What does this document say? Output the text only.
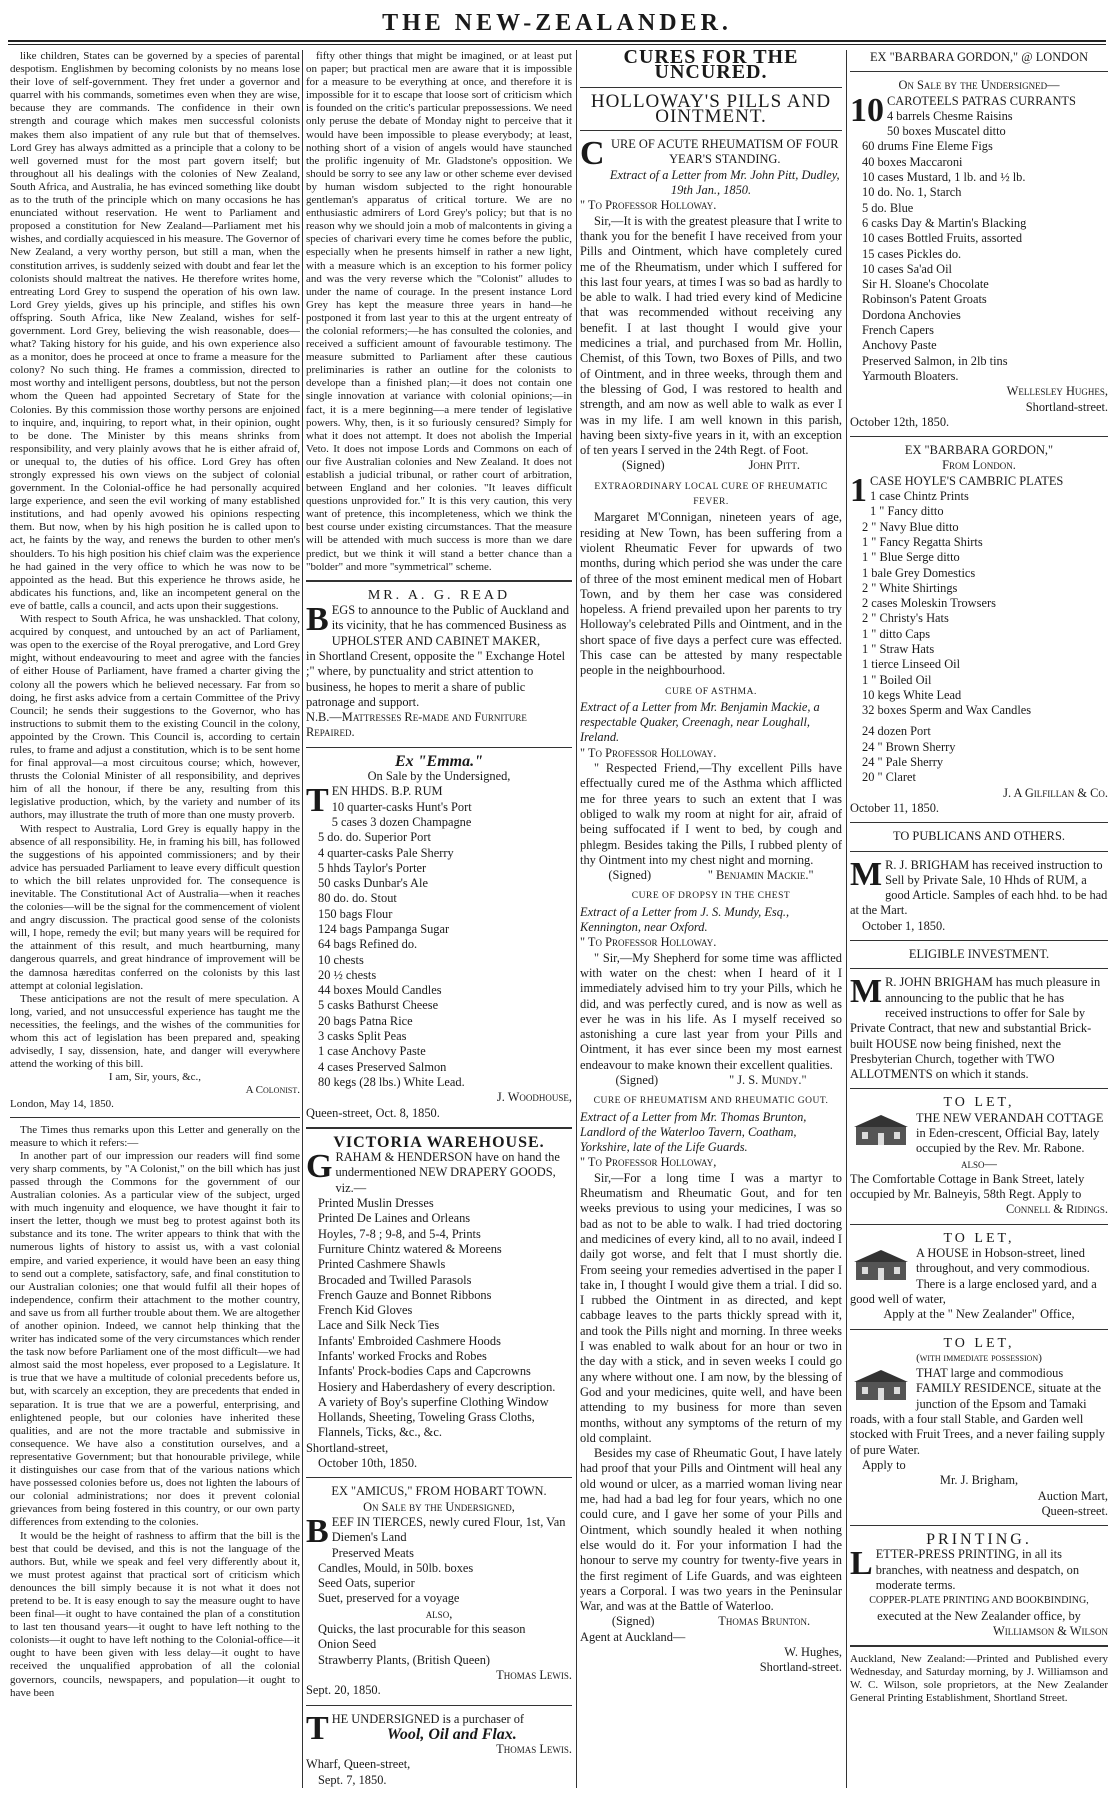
THE NEW-ZEALANDER.

like children, States can be governed by a species of parental despotism. Englishmen by becoming colonists by no means lose their love of self-government. They fret under a governor and quarrel with his commands, sometimes even when they are wise, because they are commands. The confidence in their own strength and courage which makes men successful colonists makes them also impatient of any rule but that of themselves. Lord Grey has always admitted as a principle that a colony to be well governed must for the most part govern itself; but throughout all his dealings with the colonies of New Zealand, South Africa, and Australia, he has evinced something like doubt as to the truth of the principle which on many occasions he has enunciated without reservation. He went to Parliament and proposed a constitution for New Zealand—Parliament met his wishes, and cordially acquiesced in his measure. The Governor of New Zealand, a very worthy person, but still a man, when the constitution arrives, is suddenly seized with doubt and fear let the colonists should maltreat the natives. He therefore writes home, entreating Lord Grey to suspend the operation of his own law. Lord Grey yields, gives up his principle, and stifles his own offspring. South Africa, like New Zealand, wishes for self-government. Lord Grey, believing the wish reasonable, does—what? Taking history for his guide, and his own experience also as a monitor, does he proceed at once to frame a measure for the colony? No such thing. He frames a commission, directed to most worthy and intelligent persons, doubtless, but not the person whom the Queen had appointed Secretary of State for the Colonies. By this commission those worthy persons are enjoined to inquire, and, inquiring, to report what, in their opinion, ought to be done. The Minister by this means shrinks from responsibility, and very plainly avows that he is either afraid of, or unequal to, the duties of his office. Lord Grey has often strongly expressed his own views on the subject of colonial government. In the Colonial-office he had personally acquired large experience, and seen the evil working of many established institutions, and had openly avowed his opinions respecting them. But now, when by his high position he is called upon to act, he faints by the way, and renews the burden to other men's shoulders. To his high position his chief claim was the experience he had gained in the very office to which he was now to be appointed as the head. But this experience he throws aside, he abdicates his functions, and, like an incompetent general on the eve of battle, calls a council, and acts upon their suggestions.

With respect to South Africa, he was unshackled. That colony, acquired by conquest, and untouched by an act of Parliament, was open to the exercise of the Royal prerogative, and Lord Grey might, without endeavouring to meet and agree with the fancies of either House of Parliament, have framed a charter giving the colony all the powers which he believed necessary. Far from so doing, he first asks advice from a certain Committee of the Privy Council; he sends their suggestions to the Governor, who has instructions to submit them to the existing Council in the colony, appointed by the Crown. This Council is, according to certain rules, to frame and adjust a constitution, which is to be sent home for final approval—a most circuitous course; which, however, thrusts the Colonial Minister of all responsibility, and deprives him of all the honour, if there be any, resulting from this legislative production, which, by the variety and number of its authors, may illustrate the truth of more than one musty proverb.

With respect to Australia, Lord Grey is equally happy in the absence of all responsibility. He, in framing his bill, has followed the suggestions of his appointed commissioners; and by their advice has persuaded Parliament to leave every difficult question to which the bill relates unprovided for. The consequence is inevitable. The Constitutional Act of Australia—when it reaches the colonies—will be the signal for the commencement of violent and angry discussion. The practical good sense of the colonists will, I hope, remedy the evil; but many years will be required for the attainment of this result, and much heartburning, many dangerous quarrels, and great hindrance of improvement will be the damnosa hæreditas conferred on the colonists by this last attempt at colonial legislation.

These anticipations are not the result of mere speculation. A long, varied, and not unsuccessful experience has taught me the necessities, the feelings, and the wishes of the communities for whom this act of legislation has been prepared and, speaking advisedly, I say, dissension, hate, and danger will everywhere attend the working of this bill.

I am, Sir, yours, &c.,
A Colonist.
London, May 14, 1850.

The Times thus remarks upon this Letter and generally on the measure to which it refers:—

In another part of our impression our readers will find some very sharp comments, by "A Colonist," on the bill which has just passed through the Commons for the government of our Australian colonies. As a particular view of the subject, urged with much ingenuity and eloquence, we have thought it fair to insert the letter, though we must beg to protest against both its substance and its tone. The writer appears to think that with the numerous lights of history to assist us, with a vast colonial empire, and varied experience, it would have been an easy thing to send out a complete, satisfactory, safe, and final constitution to our Australian colonies; one that would fulfil all their hopes of independence, confirm their attachment to the mother country, and save us from all further trouble about them. We are altogether of another opinion. Indeed, we cannot help thinking that the writer has indicated some of the very circumstances which render the task now before Parliament one of the most difficult—we had almost said the most hopeless, ever proposed to a Legislature. It is true that we have a multitude of colonial precedents before us, but, with scarcely an exception, they are precedents that ended in separation. It is true that we are a powerful, enterprising, and enlightened people, but our colonies have inherited these qualities, and are not the more tractable and submissive in consequence. We have also a constitution ourselves, and a representative Government; but that honourable privilege, while it distinguishes our case from that of the various nations which have possessed colonies before us, does not lighten the labours of our colonial administrations; nor does it prevent colonial grievances from being fostered in this country, or our own party differences from extending to the colonies.

It would be the height of rashness to affirm that the bill is the best that could be devised, and this is not the language of the authors. But, while we speak and feel very differently about it, we must protest against that practical sort of criticism which denounces the bill simply because it is not what it does not pretend to be. It is easy enough to say the measure ought to have been final—it ought to have contained the plan of a constitution to last ten thousand years—it ought to have left nothing to the colonists—it ought to have left nothing to the Colonial-office—it ought to have been given with less delay—it ought to have received the unqualified approbation of all the colonial governors, councils, newspapers, and population—it ought to have been

fifty other things that might be imagined, or at least put on paper; but practical men are aware that it is impossible for a measure to be everything at once, and therefore it is impossible for it to escape that loose sort of criticism which is founded on the critic's particular prepossessions. We need only peruse the debate of Monday night to perceive that it would have been impossible to please everybody; at least, nothing short of a vision of angels would have staunched the prolific ingenuity of Mr. Gladstone's opposition. We should be sorry to see any law or other scheme ever devised by human wisdom subjected to the right honourable gentleman's apparatus of critical torture. We are no enthusiastic admirers of Lord Grey's policy; but that is no reason why we should join a mob of malcontents in giving a species of charivari every time he comes before the public, especially when he presents himself in rather a new light, with a measure which is an exception to his former policy and was the very reverse which the "Colonist" alludes to under the name of courage. In the present instance Lord Grey has kept the measure three years in hand—he postponed it from last year to this at the urgent entreaty of the colonial reformers;—he has consulted the colonies, and received a sufficient amount of favourable testimony. The measure submitted to Parliament after these cautious preliminaries is rather an outline for the colonists to develope than a finished plan;—it does not contain one single innovation at variance with colonial opinions;—in fact, it is a mere beginning—a mere tender of legislative powers. Why, then, is it so furiously censured? Simply for what it does not attempt. It does not abolish the Imperial Veto. It does not impose Lords and Commons on each of our five Australian colonies and New Zealand. It does not establish a judicial tribunal, or rather court of arbitration, between England and her colonies. "It leaves difficult questions unprovided for." It is this very caution, this very want of pretence, this incompleteness, which we think the best course under existing circumstances. That the measure will be attended with much success is more than we dare predict, but we think it will stand a better chance than a "bolder" and more "symmetrical" scheme.

MR. A. G. READ
BEGS to announce to the Public of Auckland and its vicinity, that he has commenced Business as
UPHOLSTER AND CABINET MAKER,
in Shortland Cresent, opposite the " Exchange Hotel ;" where, by punctuality and strict attention to business, he hopes to merit a share of public patronage and support.
N.B.—Mattresses Re-made and Furniture Repaired.
Ex "Emma."
On Sale by the Undersigned,
TEN HHDS. B.P. RUM
10 quarter-casks Hunt's Port
5 cases 3 dozen Champagne
5 do. do. Superior Port
4 quarter-casks Pale Sherry
5 hhds Taylor's Porter
50 casks Dunbar's Ale
80 do. do. Stout
150 bags Flour
124 bags Pampanga Sugar
64 bags Refined do.
10 chests
20 ½ chests
44 boxes Mould Candles
5 casks Bathurst Cheese
20 bags Patna Rice
3 casks Split Peas
1 case Anchovy Paste
4 cases Preserved Salmon
80 kegs (28 lbs.) White Lead.
J. Woodhouse,
Queen-street, Oct. 8, 1850.
VICTORIA WAREHOUSE.
GRAHAM & HENDERSON have on hand the undermentioned NEW DRAPERY GOODS, viz.—
Printed Muslin Dresses
Printed De Laines and Orleans
Hoyles, 7-8 ; 9-8, and 5-4, Prints
Furniture Chintz watered & Moreens
Printed Cashmere Shawls
Brocaded and Twilled Parasols
French Gauze and Bonnet Ribbons
French Kid Gloves
Lace and Silk Neck Ties
Infants' Embroided Cashmere Hoods
Infants' worked Frocks and Robes
Infants' Prock-bodies Caps and Capcrowns
Hosiery and Haberdashery of every description.
A variety of Boy's superfine Clothing Window Hollands, Sheeting, Toweling Grass Cloths, Flannels, Ticks, &c., &c.
Shortland-street,
October 10th, 1850.
EX "AMICUS," FROM HOBART TOWN.
On Sale by the Undersigned,
BEEF IN TIERCES, newly cured Flour, 1st, Van Diemen's Land
Preserved Meats
Candles, Mould, in 50lb. boxes
Seed Oats, superior
Suet, preserved for a voyage
also,
Quicks, the last procurable for this season
Onion Seed
Strawberry Plants, (British Queen)
Thomas Lewis.
Sept. 20, 1850.
THE UNDERSIGNED is a purchaser of
Wool, Oil and Flax.
Thomas Lewis.
Wharf, Queen-street,
Sept. 7, 1850.
CURES FOR THE UNCURED.
HOLLOWAY'S PILLS AND OINTMENT.
CURE OF ACUTE RHEUMATISM OF FOUR YEAR'S STANDING.
Extract of a Letter from Mr. John Pitt, Dudley, 19th Jan., 1850.
" To Professor Holloway.

Sir,—It is with the greatest pleasure that I write to thank you for the benefit I have received from your Pills and Ointment, which have completely cured me of the Rheumatism, under which I suffered for this last four years, at times I was so bad as hardly to be able to walk. I had tried every kind of Medicine that was recommended without receiving any benefit. I at last thought I would give your medicines a trial, and purchased from Mr. Hollin, Chemist, of this Town, two Boxes of Pills, and two of Ointment, and in three weeks, through them and the blessing of God, I was restored to health and strength, and am now as well able to walk as ever I was in my life. I am well known in this parish, having been sixty-five years in it, with an exception of ten years I served in the 24th Regt. of Foot.

(Signed)	John Pitt.
EXTRAORDINARY LOCAL CURE OF RHEUMATIC FEVER.

Margaret M'Connigan, nineteen years of age, residing at New Town, has been suffering from a violent Rheumatic Fever for upwards of two months, during which period she was under the care of three of the most eminent medical men of Hobart Town, and by them her case was considered hopeless. A friend prevailed upon her parents to try Holloway's celebrated Pills and Ointment, and in the short space of five days a perfect cure was effected. This case can be attested by many respectable people in the neighbourhood.

CURE OF ASTHMA.
Extract of a Letter from Mr. Benjamin Mackie, a respectable Quaker, Creenagh, near Loughall, Ireland.
" To Professor Holloway.

" Respected Friend,—Thy excellent Pills have effectually cured me of the Asthma which afflicted me for three years to such an extent that I was obliged to walk my room at night for air, afraid of being suffocated if I went to bed, by cough and phlegm. Besides taking the Pills, I rubbed plenty of thy Ointment into my chest night and morning.

(Signed)	" Benjamin Mackie."
CURE OF DROPSY IN THE CHEST
Extract of a Letter from J. S. Mundy, Esq., Kennington, near Oxford.
" To Professor Holloway.

" Sir,—My Shepherd for some time was afflicted with water on the chest: when I heard of it I immediately advised him to try your Pills, which he did, and was perfectly cured, and is now as well as ever he was in his life. As I myself received so astonishing a cure last year from your Pills and Ointment, it has ever since been my most earnest endeavour to make known their excellent qualities.

(Signed)	" J. S. Mundy."
CURE OF RHEUMATISM AND RHEUMATIC GOUT.
Extract of a Letter from Mr. Thomas Brunton, Landlord of the Waterloo Tavern, Coatham, Yorkshire, late of the Life Guards.
" To Professor Holloway,

Sir,—For a long time I was a martyr to Rheumatism and Rheumatic Gout, and for ten weeks previous to using your medicines, I was so bad as not to be able to walk. I had tried doctoring and medicines of every kind, all to no avail, indeed I daily got worse, and felt that I must shortly die. From seeing your remedies advertised in the paper I take in, I thought I would give them a trial. I did so. I rubbed the Ointment in as directed, and kept cabbage leaves to the parts thickly spread with it, and took the Pills night and morning. In three weeks I was enabled to walk about for an hour or two in the day with a stick, and in seven weeks I could go any where without one. I am now, by the blessing of God and your medicines, quite well, and have been attending to my business for more than seven months, without any symptoms of the return of my old complaint.

Besides my case of Rheumatic Gout, I have lately had proof that your Pills and Ointment will heal any old wound or ulcer, as a married woman living near me, had had a bad leg for four years, which no one could cure, and I gave her some of your Pills and Ointment, which soundly healed it when nothing else would do it. For your information I had the honour to serve my country for twenty-five years in the first regiment of Life Guards, and was eighteen years a Corporal. I was two years in the Peninsular War, and was at the Battle of Waterloo.

(Signed)	Thomas Brunton.
Agent at Auckland—
W. Hughes,
Shortland-street.
EX "BARBARA GORDON," @ LONDON
On Sale by the Undersigned—
10 CAROTEELS PATRAS CURRANTS
4 barrels Chesme Raisins
50 boxes Muscatel ditto
60 drums Fine Eleme Figs
40 boxes Maccaroni
10 cases Mustard, 1 lb. and ½ lb.
10 do. No. 1, Starch
5 do. Blue
6 casks Day & Martin's Blacking
10 cases Bottled Fruits, assorted
15 cases Pickles do.
10 cases Sa'ad Oil
Sir H. Sloane's Chocolate
Robinson's Patent Groats
Dordona Anchovies
French Capers
Anchovy Paste
Preserved Salmon, in 2lb tins
Yarmouth Bloaters.
Wellesley Hughes,
Shortland-street.
October 12th, 1850.
EX "BARBARA GORDON,"
From London.
1 CASE HOYLE'S CAMBRIC PLATES
1 case Chintz Prints
1 " Fancy ditto
2 " Navy Blue ditto
1 " Fancy Regatta Shirts
1 " Blue Serge ditto
1 bale Grey Domestics
2 " White Shirtings
2 cases Moleskin Trowsers
2 " Christy's Hats
1 " ditto Caps
1 " Straw Hats
1 tierce Linseed Oil
1 " Boiled Oil
10 kegs White Lead
32 boxes Sperm and Wax Candles
24 dozen Port
24 " Brown Sherry
24 " Pale Sherry
20 " Claret
J. A Gilfillan & Co.
October 11, 1850.
TO PUBLICANS AND OTHERS.
M R. J. BRIGHAM has received instruction to Sell by Private Sale, 10 Hhds of RUM, a good Article. Samples of each hhd. to be had at the Mart.
October 1, 1850.
ELIGIBLE INVESTMENT.
M R. JOHN BRIGHAM has much pleasure in announcing to the public that he has received instructions to offer for Sale by Private Contract, that new and substantial Brick-built HOUSE now being finished, next the Presbyterian Church, together with TWO ALLOTMENTS on which it stands.
TO LET,
THE NEW VERANDAH COTTAGE in Eden-crescent, Official Bay, lately occupied by the Rev. Mr. Rabone.
also—
The Comfortable Cottage in Bank Street, lately occupied by Mr. Balneyis, 58th Regt. Apply to
Connell & Ridings.
TO LET,
A HOUSE in Hobson-street, lined throughout, and very commodious. There is a large enclosed yard, and a good well of water,
Apply at the " New Zealander" Office,
TO LET,
(with immediate possession)
THAT large and commodious FAMILY RESIDENCE, situate at the junction of the Epsom and Tamaki roads, with a four stall Stable, and Garden well stocked with Fruit Trees, and a never failing supply of pure Water.
Apply to
Mr. J. Brigham,
Auction Mart,
Queen-street.
PRINTING.
LETTER-PRESS PRINTING, in all its branches, with neatness and despatch, on moderate terms.
COPPER-PLATE PRINTING AND BOOKBINDING,
executed at the New Zealander office, by
Williamson & Wilson
Auckland, New Zealand:—Printed and Published every Wednesday, and Saturday morning, by J. Williamson and W. C. Wilson, sole proprietors, at the New Zealander General Printing Establishment, Shortland Street.
